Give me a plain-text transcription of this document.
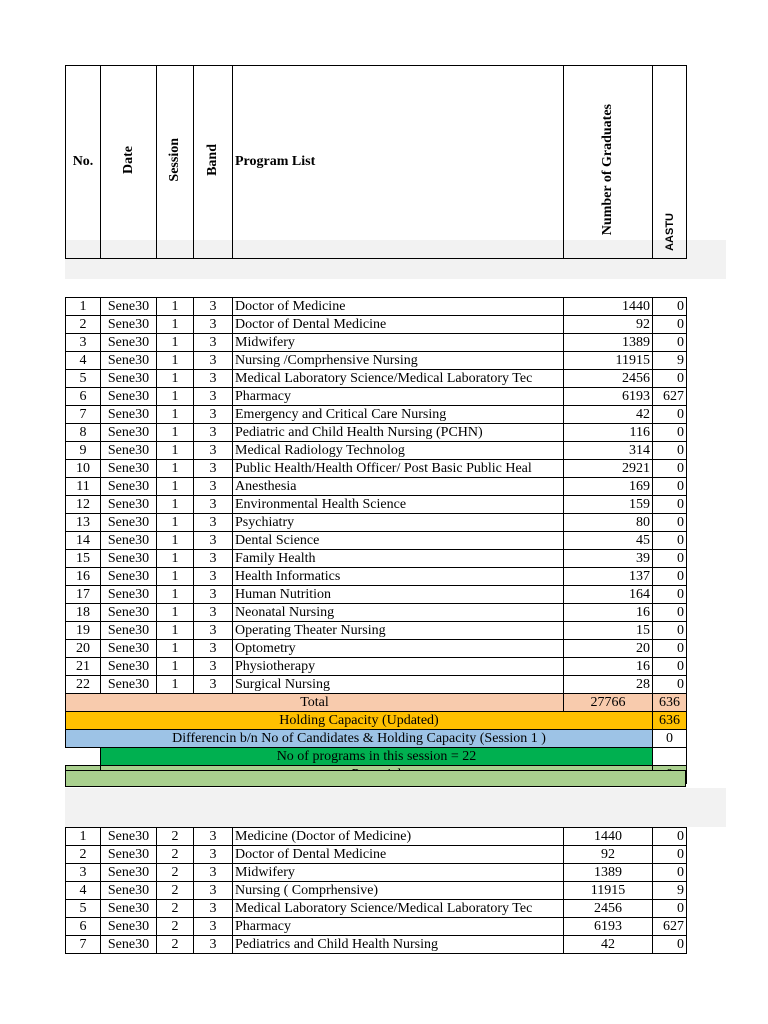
No.	Date	Session	Band	Program List	Number of Graduates	AASTU

1	Sene30	1	3	Doctor of Medicine	1440	0
2	Sene30	1	3	Doctor of Dental Medicine	92	0
3	Sene30	1	3	Midwifery	1389	0
4	Sene30	1	3	Nursing /Comprhensive Nursing	11915	9
5	Sene30	1	3	Medical Laboratory Science/Medical Laboratory Tec	2456	0
6	Sene30	1	3	Pharmacy	6193	627
7	Sene30	1	3	Emergency and Critical Care Nursing	42	0
8	Sene30	1	3	Pediatric and Child Health Nursing (PCHN)	116	0
9	Sene30	1	3	Medical Radiology Technolog	314	0
10	Sene30	1	3	Public Health/Health Officer/ Post Basic Public Heal	2921	0
11	Sene30	1	3	Anesthesia	169	0
12	Sene30	1	3	Environmental Health Science	159	0
13	Sene30	1	3	Psychiatry	80	0
14	Sene30	1	3	Dental Science	45	0
15	Sene30	1	3	Family Health	39	0
16	Sene30	1	3	Health Informatics	137	0
17	Sene30	1	3	Human Nutrition	164	0
18	Sene30	1	3	Neonatal Nursing	16	0
19	Sene30	1	3	Operating Theater Nursing	15	0
20	Sene30	1	3	Optometry	20	0
21	Sene30	1	3	Physiotherapy	16	0
22	Sene30	1	3	Surgical Nursing	28	0
Total					27766	636
Holding Capacity (Updated)						636
Differencin b/n No of Candidates & Holding Capacity (Session 1 )						0
	No of programs in this session = 22					

1	Sene30	2	3	Medicine (Doctor of Medicine)	1440	0
2	Sene30	2	3	Doctor of Dental Medicine	92	0
3	Sene30	2	3	Midwifery	1389	0
4	Sene30	2	3	Nursing ( Comprhensive)	11915	9
5	Sene30	2	3	Medical Laboratory Science/Medical Laboratory Tec	2456	0
6	Sene30	2	3	Pharmacy	6193	627
7	Sene30	2	3	Pediatrics and Child Health Nursing	42	0
